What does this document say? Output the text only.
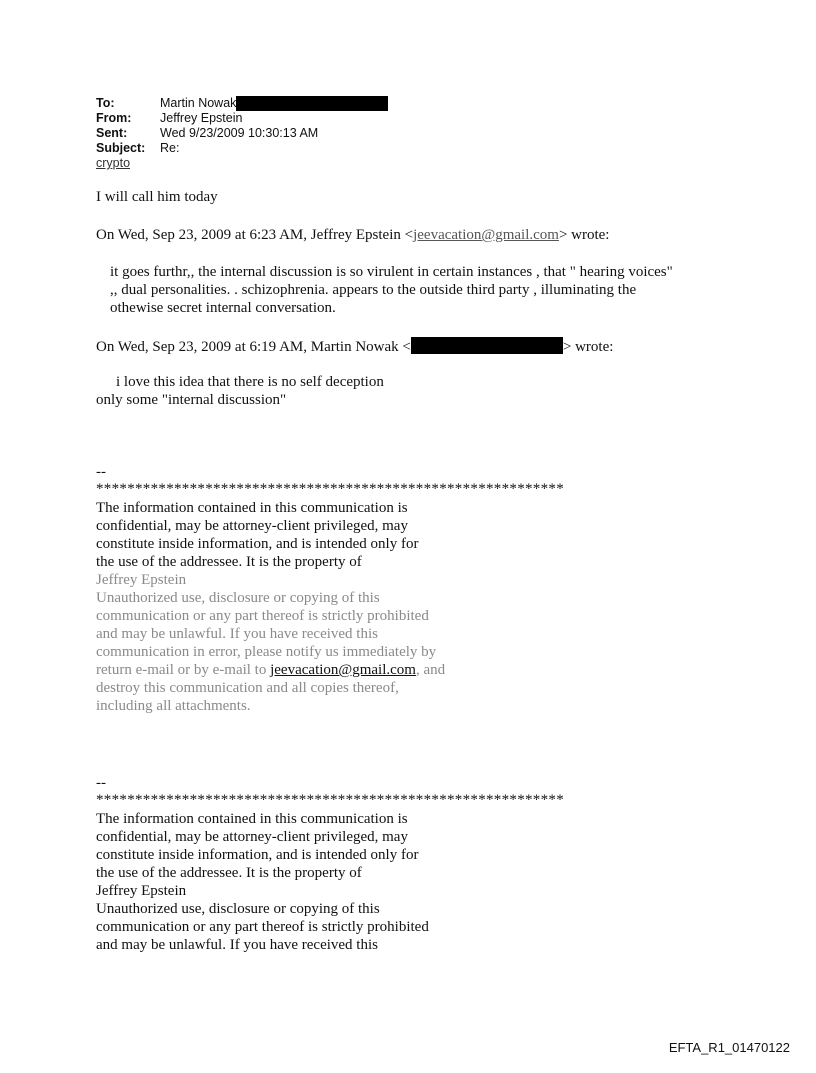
To:	Martin Nowak
From:	Jeffrey Epstein
Sent:	Wed 9/23/2009 10:30:13 AM
Subject:	Re:
crypto
I will call him today
On Wed, Sep 23, 2009 at 6:23 AM, Jeffrey Epstein <jeevacation@gmail.com> wrote:
it goes furthr,, the internal discussion is so virulent in certain instances , that " hearing voices"
,, dual personalities. . schizophrenia. appears to the outside third party , illuminating the
othewise secret internal conversation.
On Wed, Sep 23, 2009 at 6:19 AM, Martin Nowak <	> wrote:
i love this idea that there is no self deception
only some "internal discussion"
--
************************************************************
The information contained in this communication is
confidential, may be attorney-client privileged, may
constitute inside information, and is intended only for
the use of the addressee. It is the property of
Jeffrey Epstein
Unauthorized use, disclosure or copying of this
communication or any part thereof is strictly prohibited
and may be unlawful. If you have received this
communication in error, please notify us immediately by
return e-mail or by e-mail to jeevacation@gmail.com, and
destroy this communication and all copies thereof,
including all attachments.
--
************************************************************
The information contained in this communication is
confidential, may be attorney-client privileged, may
constitute inside information, and is intended only for
the use of the addressee. It is the property of
Jeffrey Epstein
Unauthorized use, disclosure or copying of this
communication or any part thereof is strictly prohibited
and may be unlawful. If you have received this
EFTA_R1_01470122
